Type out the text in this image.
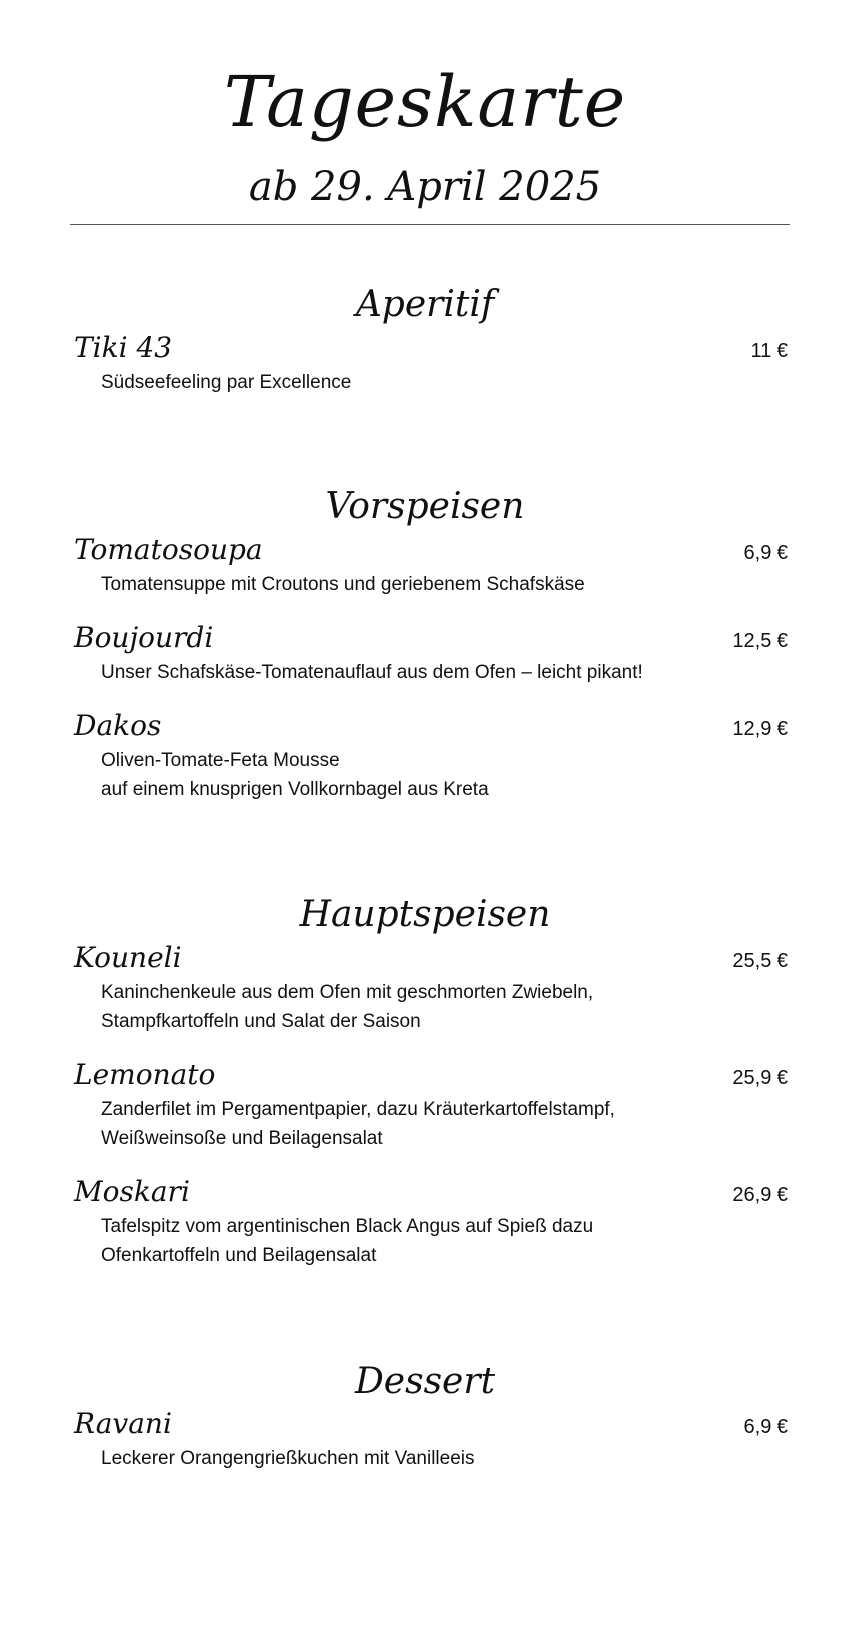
Tageskarte
ab 29. April 2025
Aperitif
Tiki 43	11 €
Südseefeeling par Excellence
Vorspeisen
Tomatosoupa	6,9 €
Tomatensuppe mit Croutons und geriebenem Schafskäse
Boujourdi	12,5 €
Unser Schafskäse-Tomatenauflauf aus dem Ofen – leicht pikant!
Dakos	12,9 €
Oliven-Tomate-Feta Mousse
auf einem knusprigen Vollkornbagel aus Kreta
Hauptspeisen
Kouneli	25,5 €
Kaninchenkeule aus dem Ofen mit geschmorten Zwiebeln,
Stampfkartoffeln und Salat der Saison
Lemonato	25,9 €
Zanderfilet im Pergamentpapier, dazu Kräuterkartoffelstampf,
Weißweinsoße und Beilagensalat
Moskari	26,9 €
Tafelspitz vom argentinischen Black Angus auf Spieß dazu
Ofenkartoffeln und Beilagensalat
Dessert
Ravani	6,9 €
Leckerer Orangengrießkuchen mit Vanilleeis
